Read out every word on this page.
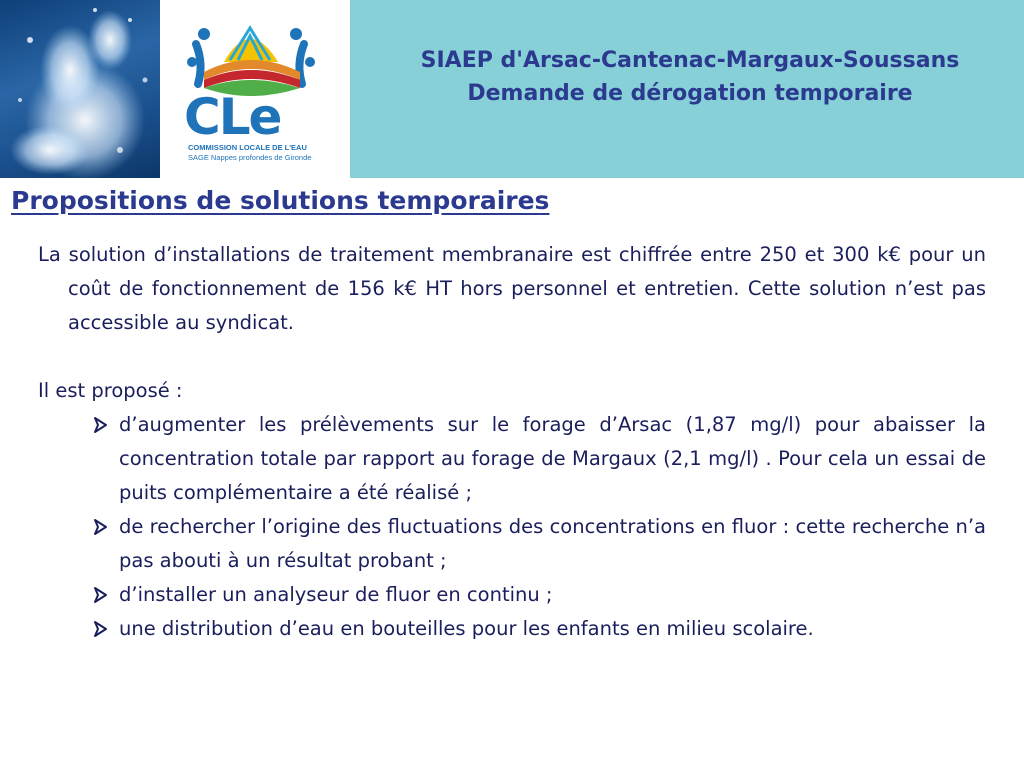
CLe
COMMISSION LOCALE DE L'EAU
SAGE Nappes profondes de Gironde
SIAEP d'Arsac-Cantenac-Margaux-Soussans
Demande de dérogation temporaire
Propositions de solutions temporaires

La solution d’installations de traitement membranaire est chiffrée entre 250 et 300 k€ pour un coût de fonctionnement de 156 k€ HT hors personnel et entretien. Cette solution n’est pas accessible au syndicat.

Il est proposé :

d’augmenter les prélèvements sur le forage d’Arsac (1,87 mg/l) pour abaisser la concentration totale par rapport au forage de Margaux (2,1 mg/l) . Pour cela un essai de puits complémentaire a été réalisé ;
de rechercher l’origine des fluctuations des concentrations en fluor : cette recherche n’a pas abouti à un résultat probant ;
d’installer un analyseur de fluor en continu ;
une distribution d’eau en bouteilles pour les enfants en milieu scolaire.
